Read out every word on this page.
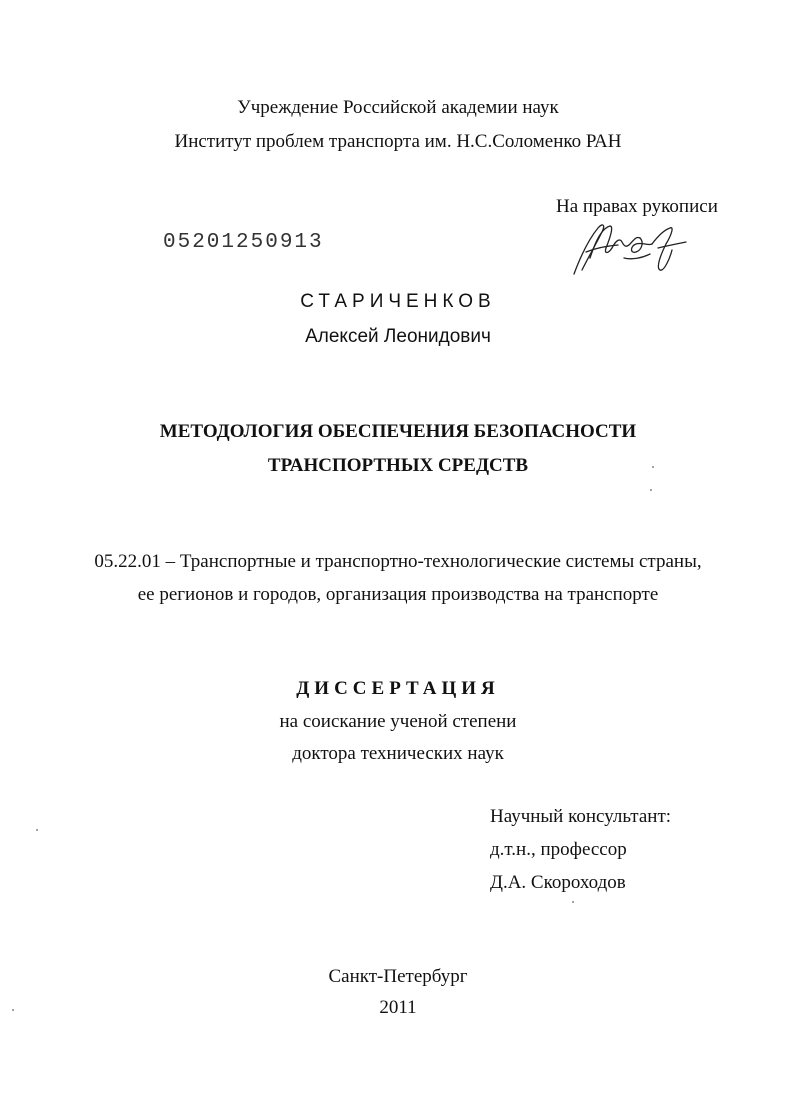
Учреждение Российской академии наук
Институт проблем транспорта им. Н.С.Соломенко РАН
На правах рукописи
05201250913
СТАРИЧЕНКОВ
Алексей Леонидович
МЕТОДОЛОГИЯ ОБЕСПЕЧЕНИЯ БЕЗОПАСНОСТИ
ТРАНСПОРТНЫХ СРЕДСТВ
05.22.01 – Транспортные и транспортно-технологические системы страны,
ее регионов и городов, организация производства на транспорте
ДИССЕРТАЦИЯ
на соискание ученой степени
доктора технических наук
Научный консультант:
д.т.н., профессор
Д.А. Скороходов
Санкт-Петербург
2011
